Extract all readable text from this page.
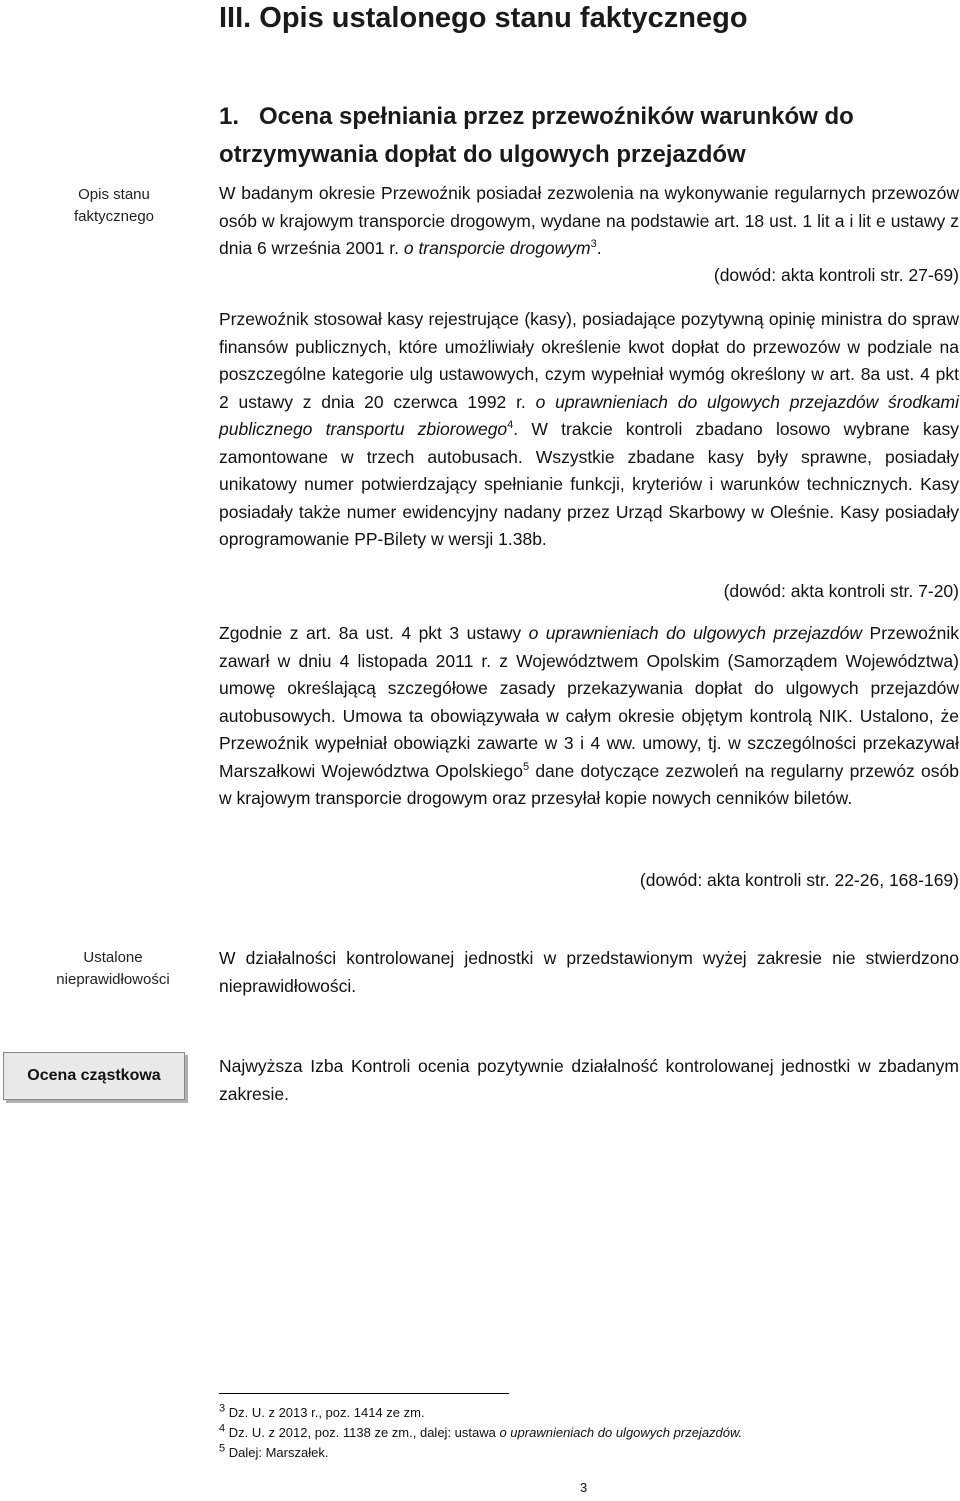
III. Opis ustalonego stanu faktycznego
1. Ocena spełniania przez przewoźników warunków do otrzymywania dopłat do ulgowych przejazdów
Opis stanu faktycznego
W badanym okresie Przewoźnik posiadał zezwolenia na wykonywanie regularnych przewozów osób w krajowym transporcie drogowym, wydane na podstawie art. 18 ust. 1 lit a i lit e ustawy z dnia 6 września 2001 r. o transporcie drogowym$^3$.
(dowód: akta kontroli str. 27-69)
Przewoźnik stosował kasy rejestrujące (kasy), posiadające pozytywną opinię ministra do spraw finansów publicznych, które umożliwiały określenie kwot dopłat do przewozów w podziale na poszczególne kategorie ulg ustawowych, czym wypełniał wymóg określony w art. 8a ust. 4 pkt 2 ustawy z dnia 20 czerwca 1992 r. o uprawnieniach do ulgowych przejazdów środkami publicznego transportu zbiorowego$^4$. W trakcie kontroli zbadano losowo wybrane kasy zamontowane w trzech autobusach. Wszystkie zbadane kasy były sprawne, posiadały unikatowy numer potwierdzający spełnianie funkcji, kryteriów i warunków technicznych. Kasy posiadały także numer ewidencyjny nadany przez Urząd Skarbowy w Oleśnie. Kasy posiadały oprogramowanie PP-Bilety w wersji 1.38b.
(dowód: akta kontroli str. 7-20)
Zgodnie z art. 8a ust. 4 pkt 3 ustawy o uprawnieniach do ulgowych przejazdów Przewoźnik zawarł w dniu 4 listopada 2011 r. z Województwem Opolskim (Samorządem Województwa) umowę określającą szczegółowe zasady przekazywania dopłat do ulgowych przejazdów autobusowych. Umowa ta obowiązywała w całym okresie objętym kontrolą NIK. Ustalono, że Przewoźnik wypełniał obowiązki zawarte w 3 i 4 ww. umowy, tj. w szczególności przekazywał Marszałkowi Województwa Opolskiego$^5$ dane dotyczące zezwoleń na regularny przewóz osób w krajowym transporcie drogowym oraz przesyłał kopie nowych cenników biletów.
(dowód: akta kontroli str. 22-26, 168-169)
Ustalone nieprawidłowości
W działalności kontrolowanej jednostki w przedstawionym wyżej zakresie nie stwierdzono nieprawidłowości.
Ocena cząstkowa	Najwyższa Izba Kontroli ocenia pozytywnie działalność kontrolowanej jednostki w zbadanym zakresie.
$^3$ Dz. U. z 2013 r., poz. 1414 ze zm.
$^4$ Dz. U. z 2012, poz. 1138 ze zm., dalej: ustawa o uprawnieniach do ulgowych przejazdów.
$^5$ Dalej: Marszałek.
3
